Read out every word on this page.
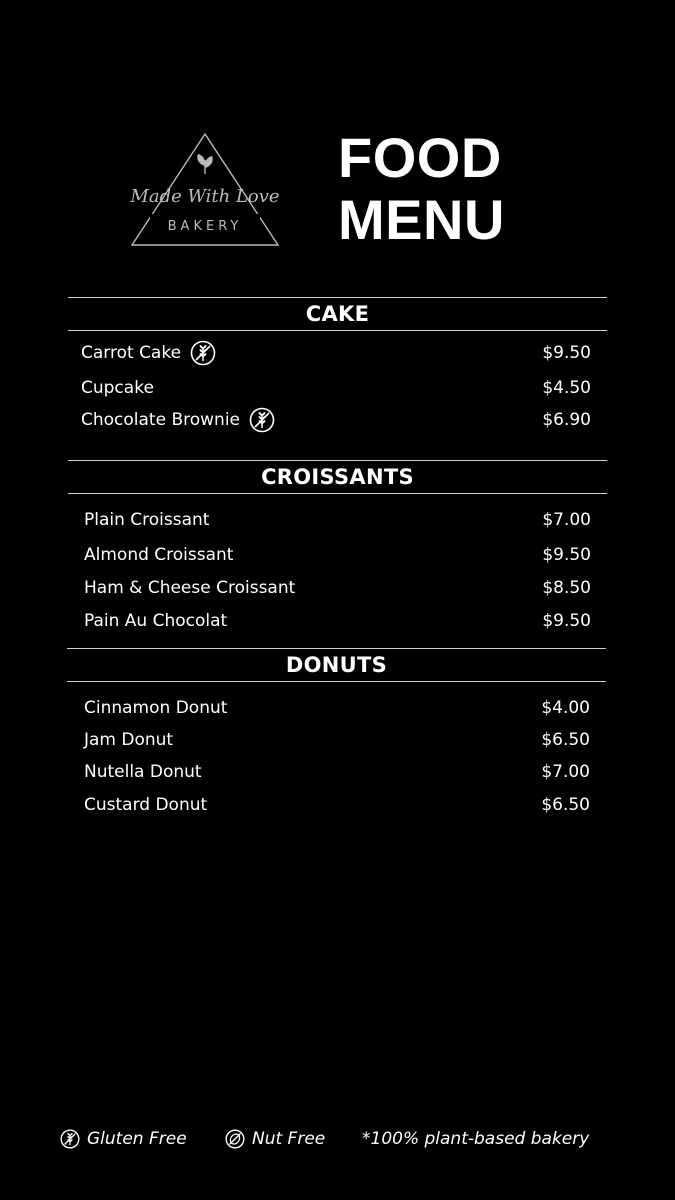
Made With Love
BAKERY
FOOD
MENU
CAKE
Carrot Cake	$9.50
Cupcake	$4.50
Chocolate Brownie	$6.90
CROISSANTS
Plain Croissant	$7.00
Almond Croissant	$9.50
Ham & Cheese Croissant	$8.50
Pain Au Chocolat	$9.50
DONUTS
Cinnamon Donut	$4.00
Jam Donut	$6.50
Nutella Donut	$7.00
Custard Donut	$6.50
Gluten Free	Nut Free *100% plant-based bakery
